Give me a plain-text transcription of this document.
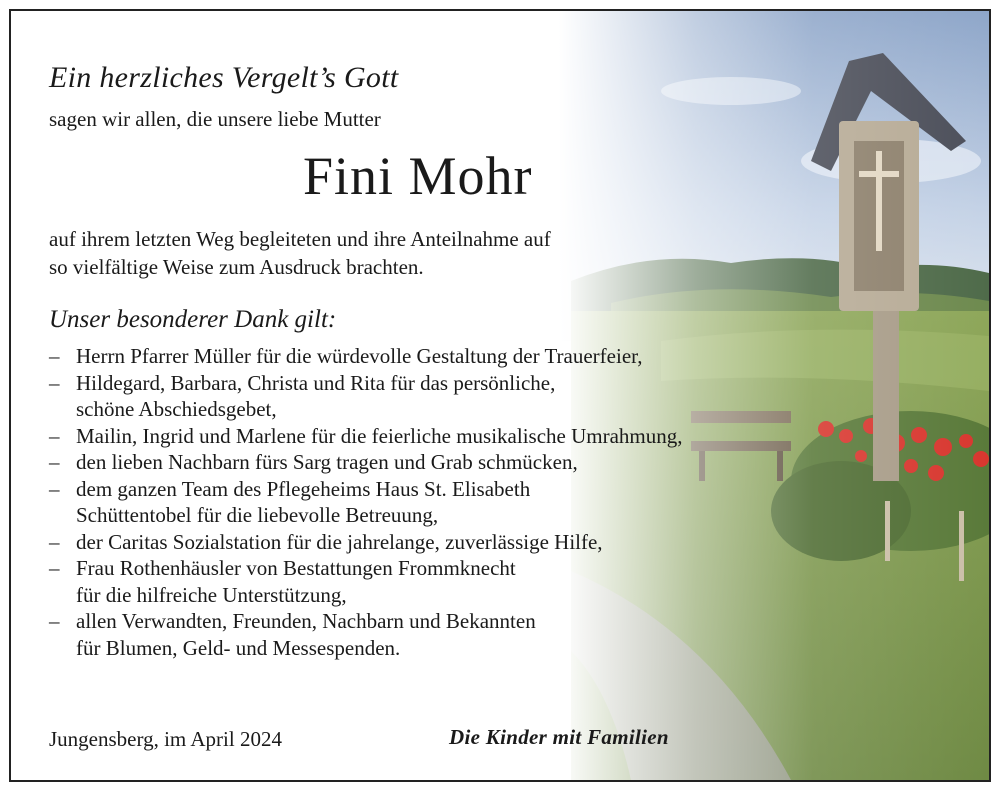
Ein herzliches Vergelt’s Gott
sagen wir allen, die unsere liebe Mutter
Fini Mohr
auf ihrem letzten Weg begleiteten und ihre Anteilnahme auf
so vielfältige Weise zum Ausdruck brachten.
Unser besonderer Dank gilt:
– Herrn Pfarrer Müller für die würdevolle Gestaltung der Trauerfeier,
– Hildegard, Barbara, Christa und Rita für das persönliche,
schöne Abschiedsgebet,
– Mailin, Ingrid und Marlene für die feierliche musikalische Umrahmung,
– den lieben Nachbarn fürs Sarg tragen und Grab schmücken,
– dem ganzen Team des Pflegeheims Haus St. Elisabeth
Schüttentobel für die liebevolle Betreuung,
– der Caritas Sozialstation für die jahrelange, zuverlässige Hilfe,
– Frau Rothenhäusler von Bestattungen Frommknecht
für die hilfreiche Unterstützung,
– allen Verwandten, Freunden, Nachbarn und Bekannten
für Blumen, Geld- und Messespenden.
Jungensberg, im April 2024	Die Kinder mit Familien
